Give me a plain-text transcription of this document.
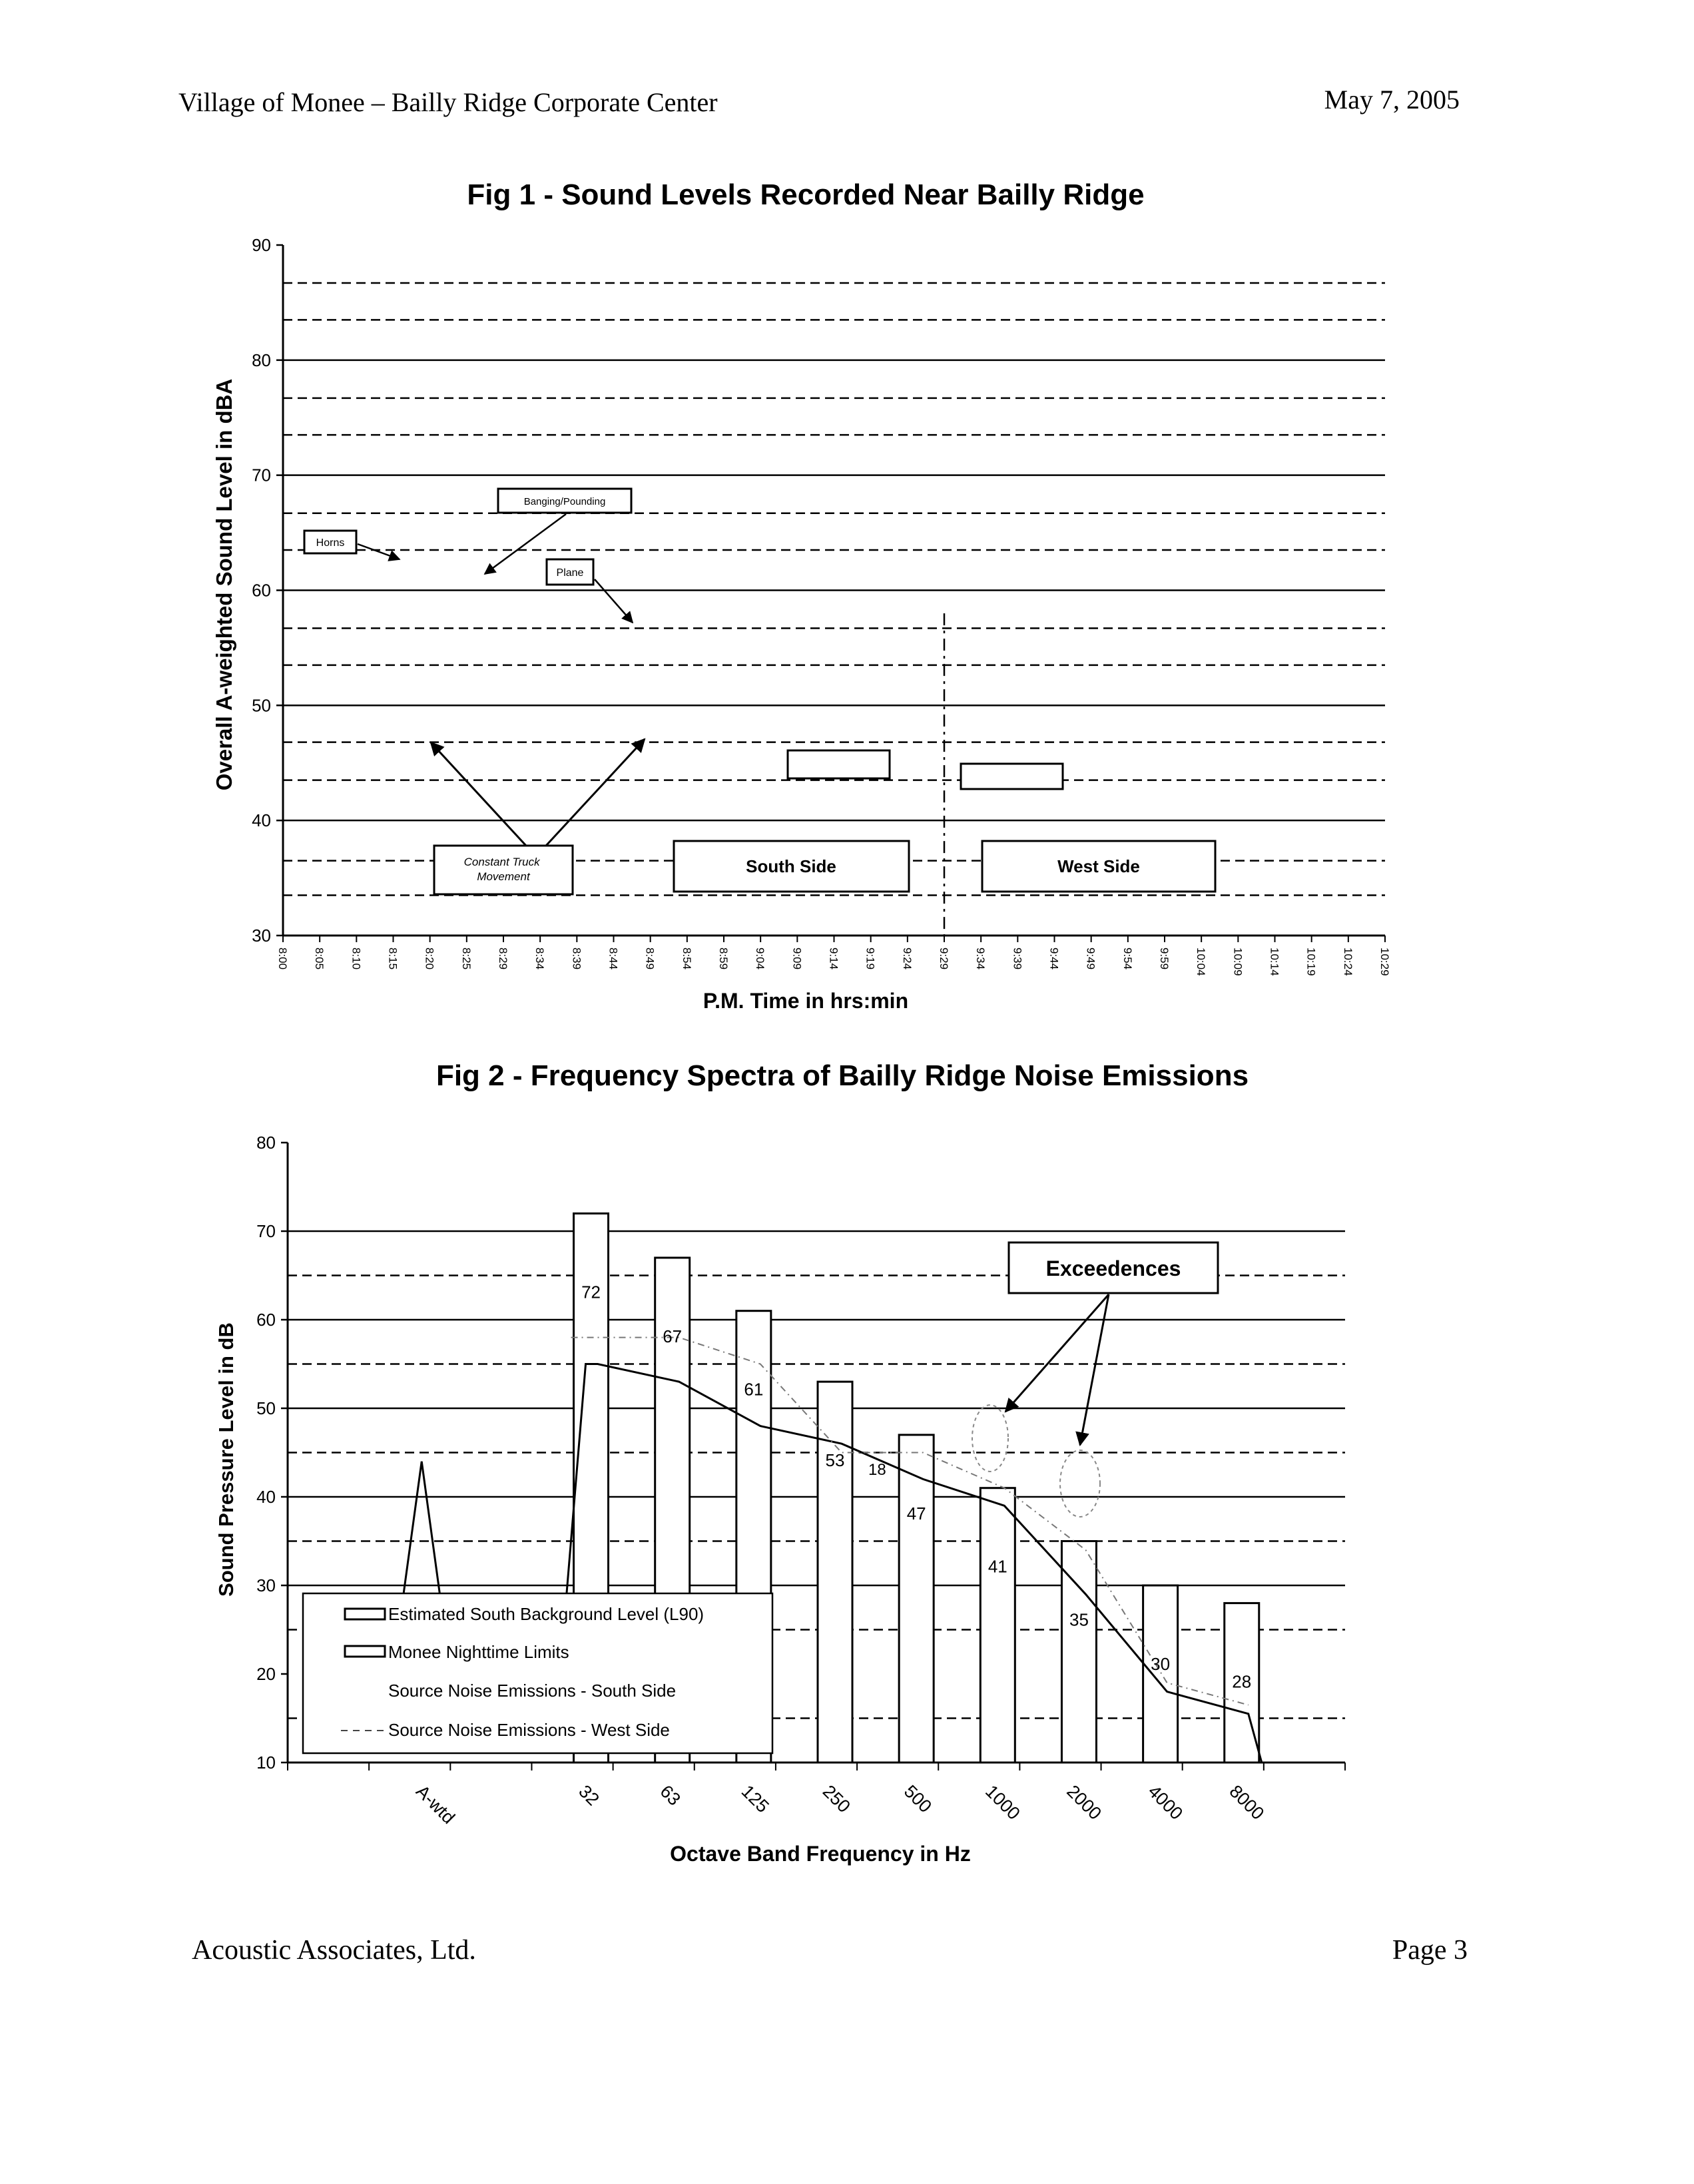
Village of Monee – Bailly Ridge Corporate Center	May 7, 2005
Fig 1 - Sound Levels Recorded Near Bailly Ridge
30
40
50
60
70
80
90
8:00 8:05 8:10 8:15 8:20 8:25 8:29 8:34 8:39 8:44 8:49 8:54 8:59 9:04 9:09 9:14 9:19 9:24 9:29 9:34 9:39 9:44 9:49 9:54 9:59 10:04 10:09 10:14 10:19 10:24 10:29
Horns
Banging/Pounding
Plane
Constant Truck Movement
South Side	West Side
Overall A-weighted Sound Level in dBA
P.M. Time in hrs:min
Fig 2 - Frequency Spectra of Bailly Ridge Noise Emissions
72
67
61
53
47
41
35
30
28
18
10
20
30
40
50
60
70
80
A-wtd	32	63	125	250	500	1000 2000 4000 8000
Exceedences
Estimated South Background Level (L90)
Monee Nighttime Limits
Source Noise Emissions - South Side
Source Noise Emissions - West Side
Sound Pressure Level in dB
Octave Band Frequency in Hz
Acoustic Associates, Ltd.	Page 3
